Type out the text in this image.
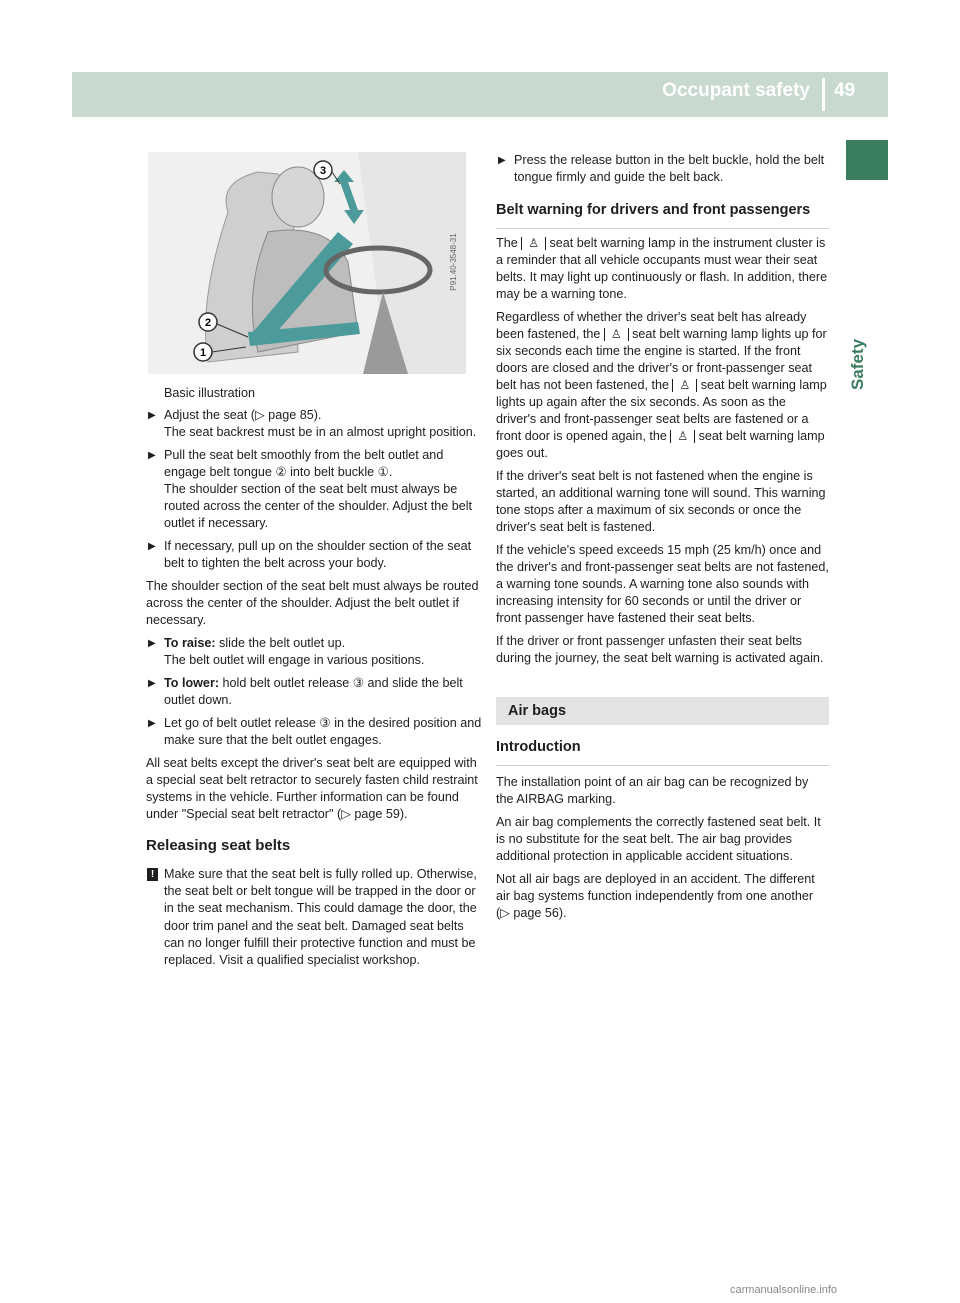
Occupant safety 49
Safety
3
2
1
P91.40-3548-31
Basic illustration
▶ Adjust the seat (▷ page 85).
The seat backrest must be in an almost upright position.
▶ Pull the seat belt smoothly from the belt outlet and engage belt tongue ② into belt buckle ①.
The shoulder section of the seat belt must always be routed across the center of the shoulder. Adjust the belt outlet if necessary.
▶ If necessary, pull up on the shoulder section of the seat belt to tighten the belt across your body.

The shoulder section of the seat belt must always be routed across the center of the shoulder. Adjust the belt outlet if necessary.

▶ To raise: slide the belt outlet up.
The belt outlet will engage in various positions.
▶ To lower: hold belt outlet release ③ and slide the belt outlet down.
▶ Let go of belt outlet release ③ in the desired position and make sure that the belt outlet engages.

All seat belts except the driver's seat belt are equipped with a special seat belt retractor to securely fasten child restraint systems in the vehicle. Further information can be found under "Special seat belt retractor" (▷ page 59).

Releasing seat belts
! Make sure that the seat belt is fully rolled up. Otherwise, the seat belt or belt tongue will be trapped in the door or in the seat mechanism. This could damage the door, the door trim panel and the seat belt. Damaged seat belts can no longer fulfill their protective function and must be replaced. Visit a qualified specialist workshop.
▶ Press the release button in the belt buckle, hold the belt tongue firmly and guide the belt back.
Belt warning for drivers and front passengers

The ♙ seat belt warning lamp in the instrument cluster is a reminder that all vehicle occupants must wear their seat belts. It may light up continuously or flash. In addition, there may be a warning tone.

Regardless of whether the driver's seat belt has already been fastened, the ♙ seat belt warning lamp lights up for six seconds each time the engine is started. If the front doors are closed and the driver's or front-passenger seat belt has not been fastened, the ♙ seat belt warning lamp lights up again after the six seconds. As soon as the driver's and front-passenger seat belts are fastened or a front door is opened again, the ♙ seat belt warning lamp goes out.

If the driver's seat belt is not fastened when the engine is started, an additional warning tone will sound. This warning tone stops after a maximum of six seconds or once the driver's seat belt is fastened.

If the vehicle's speed exceeds 15 mph (25 km/h) once and the driver's and front-passenger seat belts are not fastened, a warning tone sounds. A warning tone also sounds with increasing intensity for 60 seconds or until the driver or front passenger have fastened their seat belts.

If the driver or front passenger unfasten their seat belts during the journey, the seat belt warning is activated again.

Air bags
Introduction

The installation point of an air bag can be recognized by the AIRBAG marking.

An air bag complements the correctly fastened seat belt. It is no substitute for the seat belt. The air bag provides additional protection in applicable accident situations.

Not all air bags are deployed in an accident. The different air bag systems function independently from one another (▷ page 56).

carmanualsonline.info
